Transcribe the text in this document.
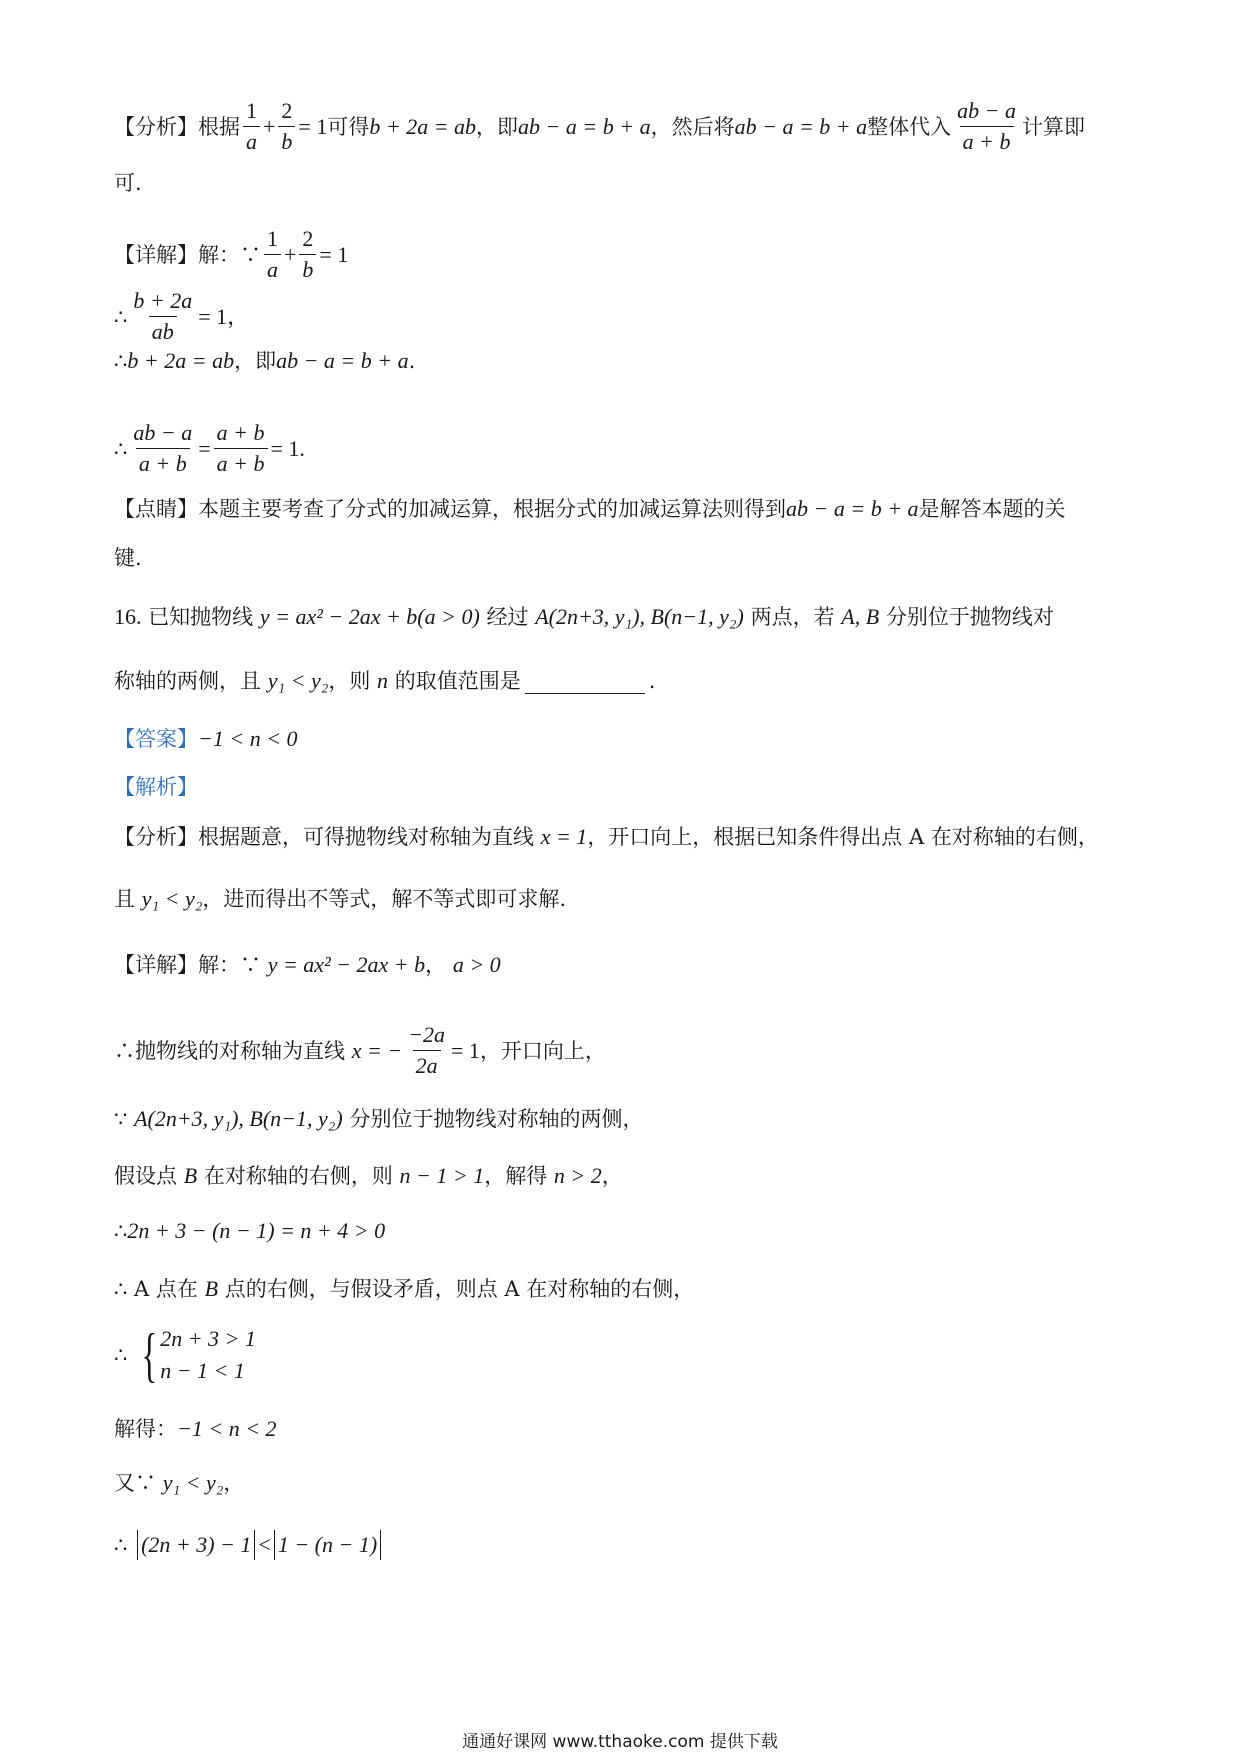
【分析】 根据 $\frac{1}{a} + \frac{2}{b} = 1$ 可得 b + 2a = ab ，即 ab − a = b + a ，然后将 ab − a = b + a 整体代入 $\frac{ab - a}{a + b}$ 计算即
可.
【详解】 解：∵ $\frac{1}{a} + \frac{2}{b} = 1$
∴ $\frac{b + 2a}{ab} = 1$，
∴ b + 2a = ab ，即 ab − a = b + a .
∴ $\frac{ab - a}{a + b} = \frac{a + b}{a + b} = 1$.
【点睛】 本题主要考查了分式的加减运算，根据分式的加减运算法则得到 ab − a = b + a 是解答本题的关
键.
16.
已知抛物线
y = ax² − 2ax + b(a > 0)
经过
A(2n+3, y₁), B(n−1, y₂)
两点，若
A, B
分别位于抛物线对
称轴的两侧，且
y₁ < y₂ ，则
n
的取值范围是	.
【答案】 −1 < n < 0
【解析】
【分析】 根据题意，可得抛物线对称轴为直线
x = 1 ，开口向上，根据已知条件得出点 A 在对称轴的右侧，
且
y₁ < y₂ ，进而得出不等式，解不等式即可求解.
【详解】 解：∵
y = ax² − 2ax + b ，
a > 0
∴抛物线的对称轴为直线
x = − $\frac{-2a}{2a} = 1$ ，开口向上，
∵
A(2n+3, y₁), B(n−1, y₂)
分别位于抛物线对称轴的两侧，
假设点
B
在对称轴的右侧，则
n − 1 > 1 ，解得
n > 2 ，
∴ 2n + 3 − (n − 1) = n + 4 > 0
∴ A 点在
B
点的右侧，与假设矛盾，则点 A 在对称轴的右侧，
∴ { 2n + 3 > 1
n − 1 < 1
解得： −1 < n < 2
又∵
y₁ < y₂ ，
∴
(2n + 3) − 1 < 1 − (n − 1)
通通好课网 www.tthaoke.com 提供下载
